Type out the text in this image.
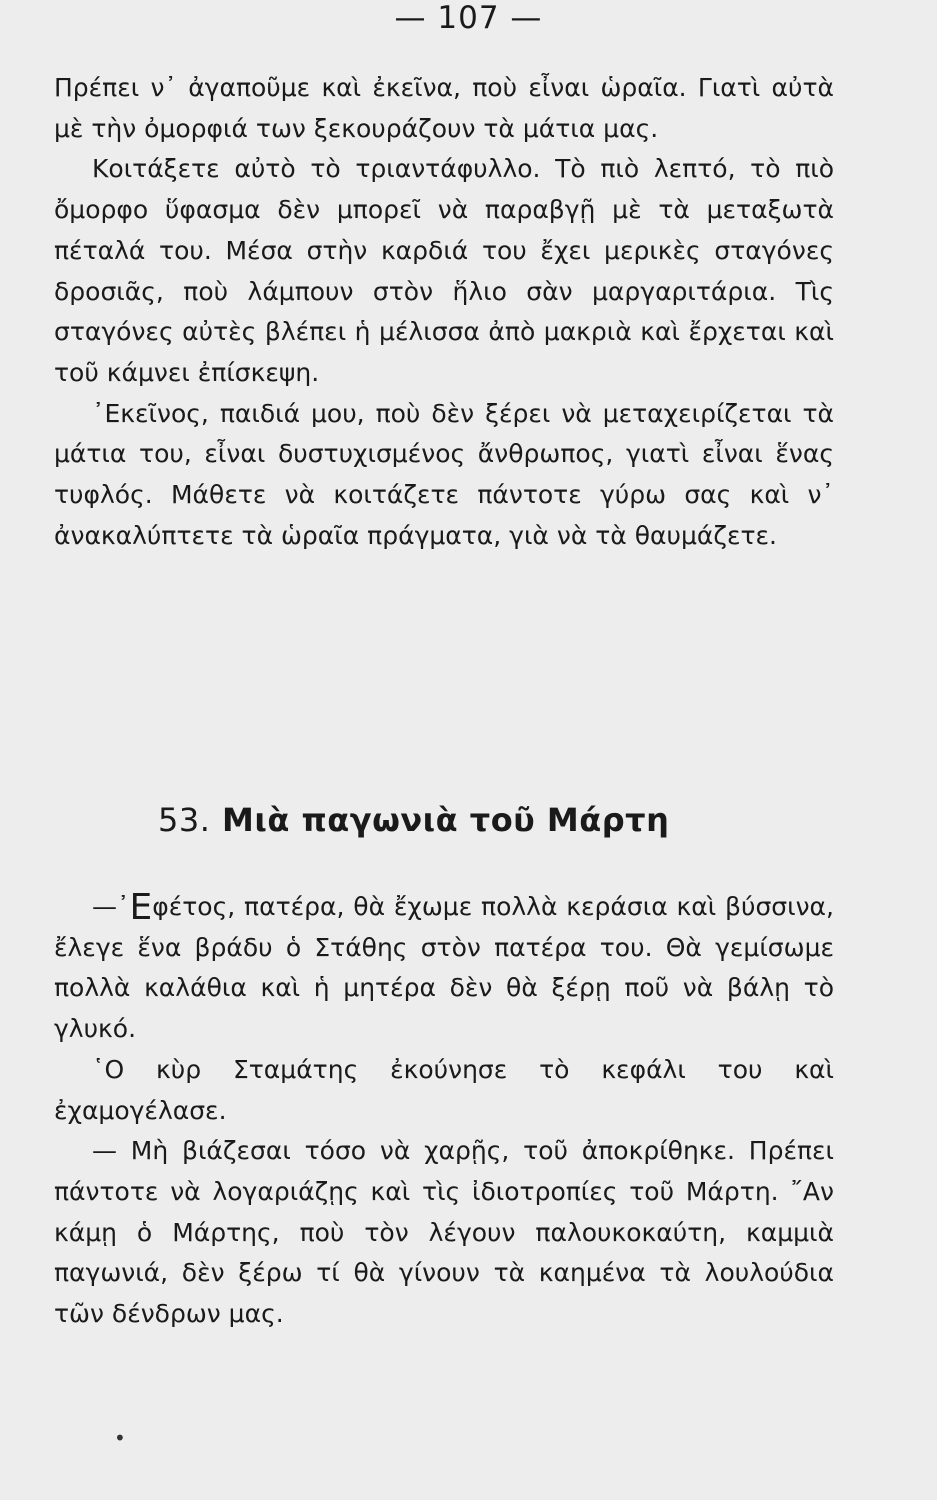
— 107 —

Πρέπει ν᾽ ἀγαποῦμε καὶ ἐκεῖνα, ποὺ εἶναι ὡραῖα. Γιατὶ αὐτὰ μὲ τὴν ὀμορφιά των ξεκουράζουν τὰ μάτια μας.

Κοιτάξετε αὐτὸ τὸ τριαντάφυλλο. Τὸ πιὸ λεπτό, τὸ πιὸ ὄμορφο ὕφασμα δὲν μπορεῖ νὰ παραβγῇ μὲ τὰ μεταξωτὰ πέταλά του. Μέσα στὴν καρδιά του ἔχει μερικὲς σταγόνες δροσιᾶς, ποὺ λάμπουν στὸν ἥλιο σὰν μαργαριτάρια. Τὶς σταγόνες αὐτὲς βλέπει ἡ μέλισσα ἀπὸ μακριὰ καὶ ἔρχεται καὶ τοῦ κάμνει ἐπίσκεψη.

᾽Εκεῖνος, παιδιά μου, ποὺ δὲν ξέρει νὰ μεταχειρίζεται τὰ μάτια του, εἶναι δυστυχισμένος ἄνθρωπος, γιατὶ εἶναι ἕνας τυφλός. Μάθετε νὰ κοιτάζετε πάντοτε γύρω σας καὶ ν᾽ ἀνακαλύπτετε τὰ ὡραῖα πράγματα, γιὰ νὰ τὰ θαυμάζετε.

53. Μιὰ παγωνιὰ τοῦ Μάρτη

—᾽Εφέτος, πατέρα, θὰ ἔχωμε πολλὰ κεράσια καὶ βύσσινα, ἔλεγε ἕνα βράδυ ὁ Στάθης στὸν πατέρα του. Θὰ γεμίσωμε πολλὰ καλάθια καὶ ἡ μητέρα δὲν θὰ ξέρῃ ποῦ νὰ βάλῃ τὸ γλυκό.

῾Ο κὺρ Σταμάτης ἐκούνησε τὸ κεφάλι του καὶ ἐχαμογέλασε.

— Μὴ βιάζεσαι τόσο νὰ χαρῇς, τοῦ ἀποκρίθηκε. Πρέπει πάντοτε νὰ λογαριάζῃς καὶ τὶς ἰδιοτροπίες τοῦ Μάρτη. ῎Αν κάμῃ ὁ Μάρτης, ποὺ τὸν λέγουν παλουκοκαύτη, καμμιὰ παγωνιά, δὲν ξέρω τί θὰ γίνουν τὰ καημένα τὰ λουλούδια τῶν δένδρων μας.

•
